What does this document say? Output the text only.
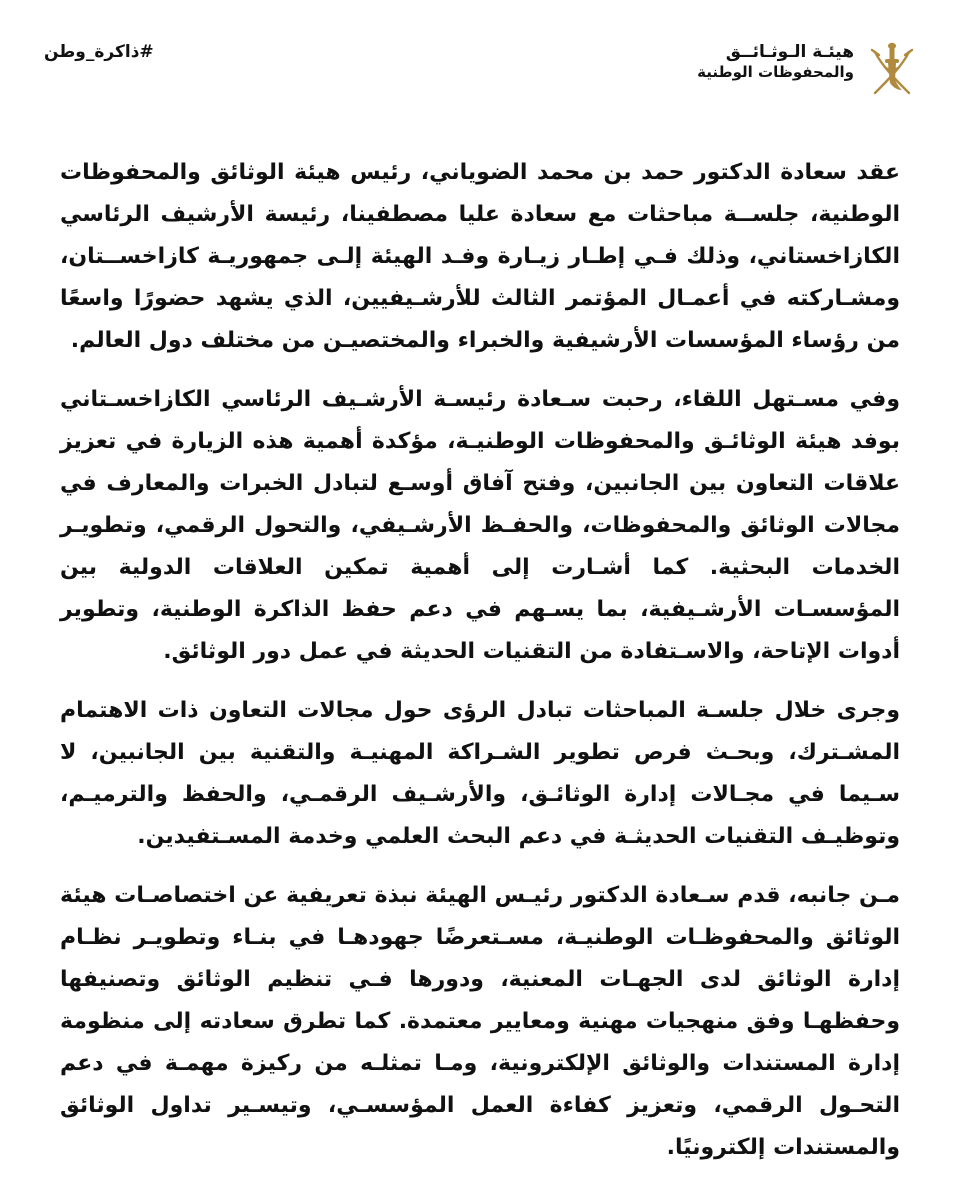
#ذاكرة_وطن	هيئـة الـوثـائــق
والمحفوظات الوطنية

عقد سعادة الدكتور حمد بن محمد الضوياني، رئيس هيئة الوثائق والمحفوظات الوطنية، جلســة مباحثات مع سعادة عليا مصطفينا، رئيسة الأرشيف الرئاسي الكازاخستاني، وذلك فـي إطـار زيـارة وفـد الهيئة إلـى جمهوريـة كازاخســتان، ومشـاركته في أعمـال المؤتمر الثالث للأرشـيفيين، الذي يشهد حضورًا واسعًا من رؤساء المؤسسات الأرشيفية والخبراء والمختصيـن من مختلف دول العالم.

وفي مسـتهل اللقاء، رحبت سـعادة رئيسـة الأرشـيف الرئاسي الكازاخسـتاني بوفد هيئة الوثائـق والمحفوظات الوطنيـة، مؤكدة أهمية هذه الزيارة في تعزيز علاقات التعاون بين الجانبين، وفتح آفاق أوسـع لتبادل الخبرات والمعارف في مجالات الوثائق والمحفوظات، والحفـظ الأرشـيفي، والتحول الرقمي، وتطويـر الخدمات البحثية. كما أشـارت إلى أهمية تمكين العلاقات الدولية بين المؤسسـات الأرشـيفية، بما يسـهم في دعم حفظ الذاكرة الوطنية، وتطوير أدوات الإتاحة، والاسـتفادة من التقنيات الحديثة في عمل دور الوثائق.

وجرى خلال جلسـة المباحثات تبادل الرؤى حول مجالات التعاون ذات الاهتمام المشـترك، وبحـث فرص تطوير الشـراكة المهنيـة والتقنية بين الجانبين، لا سـيما في مجـالات إدارة الوثائـق، والأرشـيف الرقمـي، والحفظ والترميـم، وتوظيـف التقنيات الحديثـة في دعم البحث العلمي وخدمة المسـتفيدين.

مـن جانبه، قدم سـعادة الدكتور رئيـس الهيئة نبذة تعريفية عن اختصاصـات هيئة الوثائق والمحفوظـات الوطنيـة، مسـتعرضًا جهودهـا في بنـاء وتطويـر نظـام إدارة الوثائق لدى الجهـات المعنية، ودورها فـي تنظيم الوثائق وتصنيفها وحفظهـا وفق منهجيات مهنية ومعايير معتمدة. كما تطرق سعادته إلى منظومة إدارة المستندات والوثائق الإلكترونية، ومـا تمثلـه من ركيزة مهمـة في دعم التحـول الرقمي، وتعزيز كفاءة العمل المؤسسـي، وتيسـير تداول الوثائق والمستندات إلكترونيًا.
